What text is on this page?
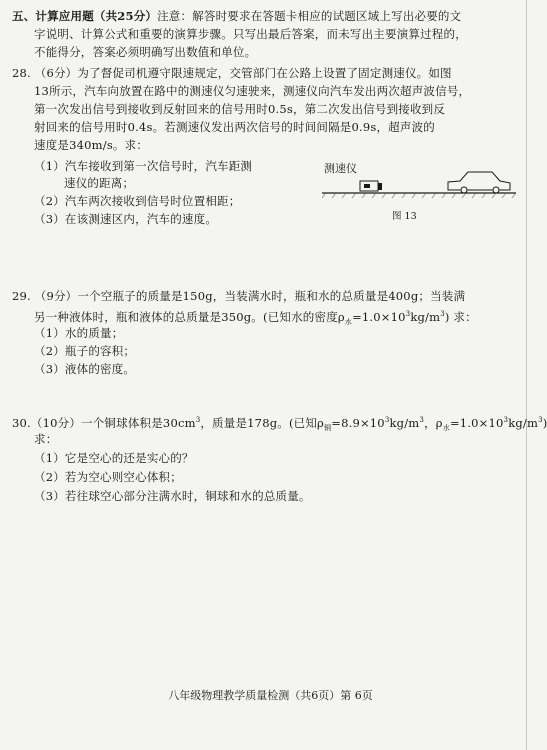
五、计算应用题（共25分）注意：解答时要求在答题卡相应的试题区域上写出必要的文
字说明、计算公式和重要的演算步骤。只写出最后答案，而未写出主要演算过程的，
不能得分，答案必须明确写出数值和单位。
28. （6分）为了督促司机遵守限速规定，交管部门在公路上设置了固定测速仪。如图
13所示，汽车向放置在路中的测速仪匀速驶来，测速仪向汽车发出两次超声波信号，
第一次发出信号到接收到反射回来的信号用时0.5s，第二次发出信号到接收到反
射回来的信号用时0.4s。若测速仪发出两次信号的时间间隔是0.9s，超声波的
速度是340m/s。求：
（1）汽车接收到第一次信号时，汽车距测
速仪的距离；
（2）汽车两次接收到信号时位置相距；
（3）在该测速区内，汽车的速度。
测速仪
图 13
29. （9分）一个空瓶子的质量是150g，当装满水时，瓶和水的总质量是400g；当装满
另一种液体时，瓶和液体的总质量是350g。(已知水的密度$\rho_水=1.0\times 10^3kg/m^3$) 求：
（1）水的质量；
（2）瓶子的容积；
（3）液体的密度。
30.（10分）一个铜球体积是$30cm^3$，质量是178g。(已知$\rho_铜=8.9\times 10^3kg/m^3$，$\rho_水=1.0\times 10^3kg/m^3$)
求：
（1）它是空心的还是实心的？
（2）若为空心则空心体积；
（3）若往球空心部分注满水时，铜球和水的总质量。
八年级物理教学质量检测（共6页）第 6页
